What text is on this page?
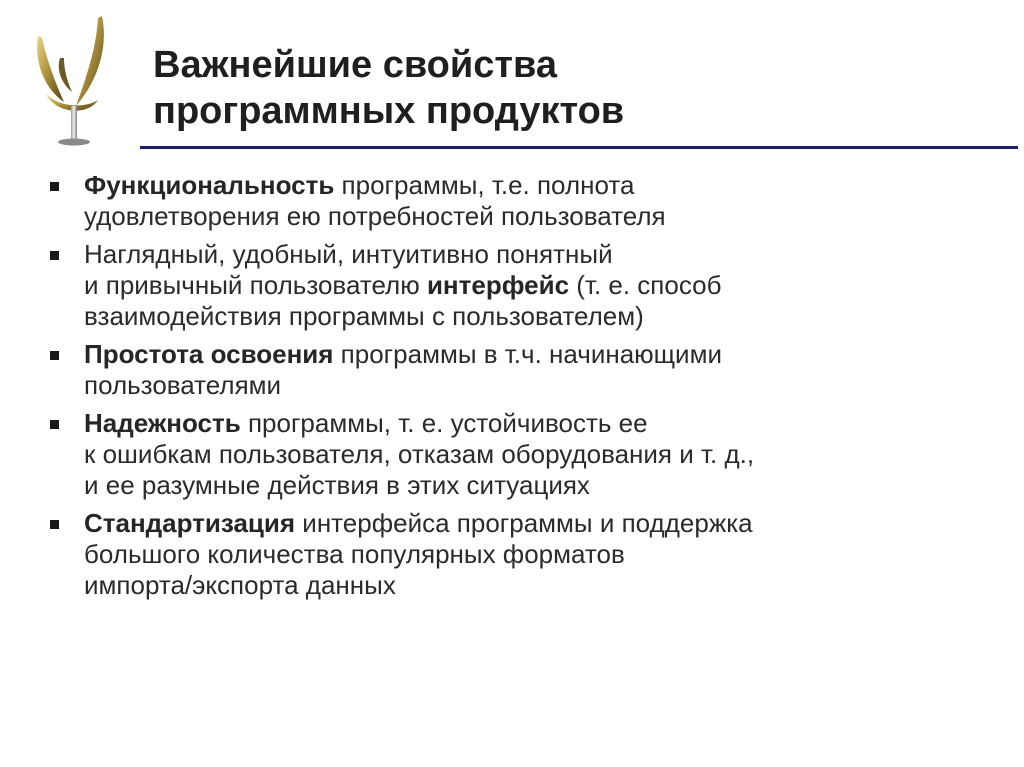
Важнейшие свойства
программных продуктов
Функциональность программы, т.е. полнота
удовлетворения ею потребностей пользователя
Наглядный, удобный, интуитивно понятный
и привычный пользователю интерфейс (т. е. способ
взаимодействия программы с пользователем)
Простота освоения программы в т.ч. начинающими
пользователями
Надежность программы, т. е. устойчивость ее
к ошибкам пользователя, отказам оборудования и т. д.,
и ее разумные действия в этих ситуациях
Стандартизация интерфейса программы и поддержка
большого количества популярных форматов
импорта/экспорта данных
